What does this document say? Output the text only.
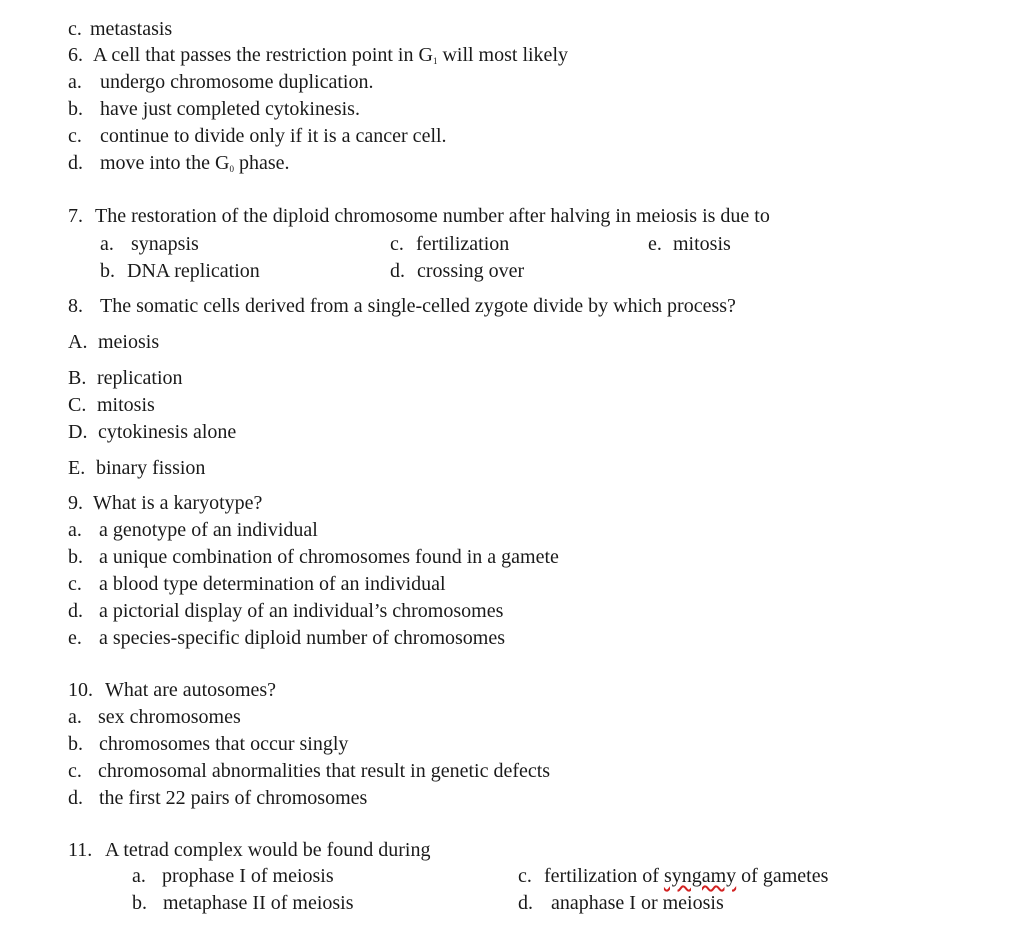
c. metastasis
6. A cell that passes the restriction point in $G_1$ will most likely
a. undergo chromosome duplication.
b. have just completed cytokinesis.
c. continue to divide only if it is a cancer cell.
d. move into the $G_0$ phase.
7. The restoration of the diploid chromosome number after halving in meiosis is due to
a. synapsis
b. DNA replication
c. fertilization
d. crossing over
e. mitosis
8. The somatic cells derived from a single-celled zygote divide by which process?
A. meiosis
B. replication
C. mitosis
D. cytokinesis alone
E. binary fission
9. What is a karyotype?
a. a genotype of an individual
b. a unique combination of chromosomes found in a gamete
c. a blood type determination of an individual
d. a pictorial display of an individual’s chromosomes
e. a species-specific diploid number of chromosomes
10. What are autosomes?
a. sex chromosomes
b. chromosomes that occur singly
c. chromosomal abnormalities that result in genetic defects
d. the first 22 pairs of chromosomes
11. A tetrad complex would be found during
a. prophase I of meiosis
b. metaphase II of meiosis
c. fertilization of syngamy of gametes
d. anaphase I or meiosis
